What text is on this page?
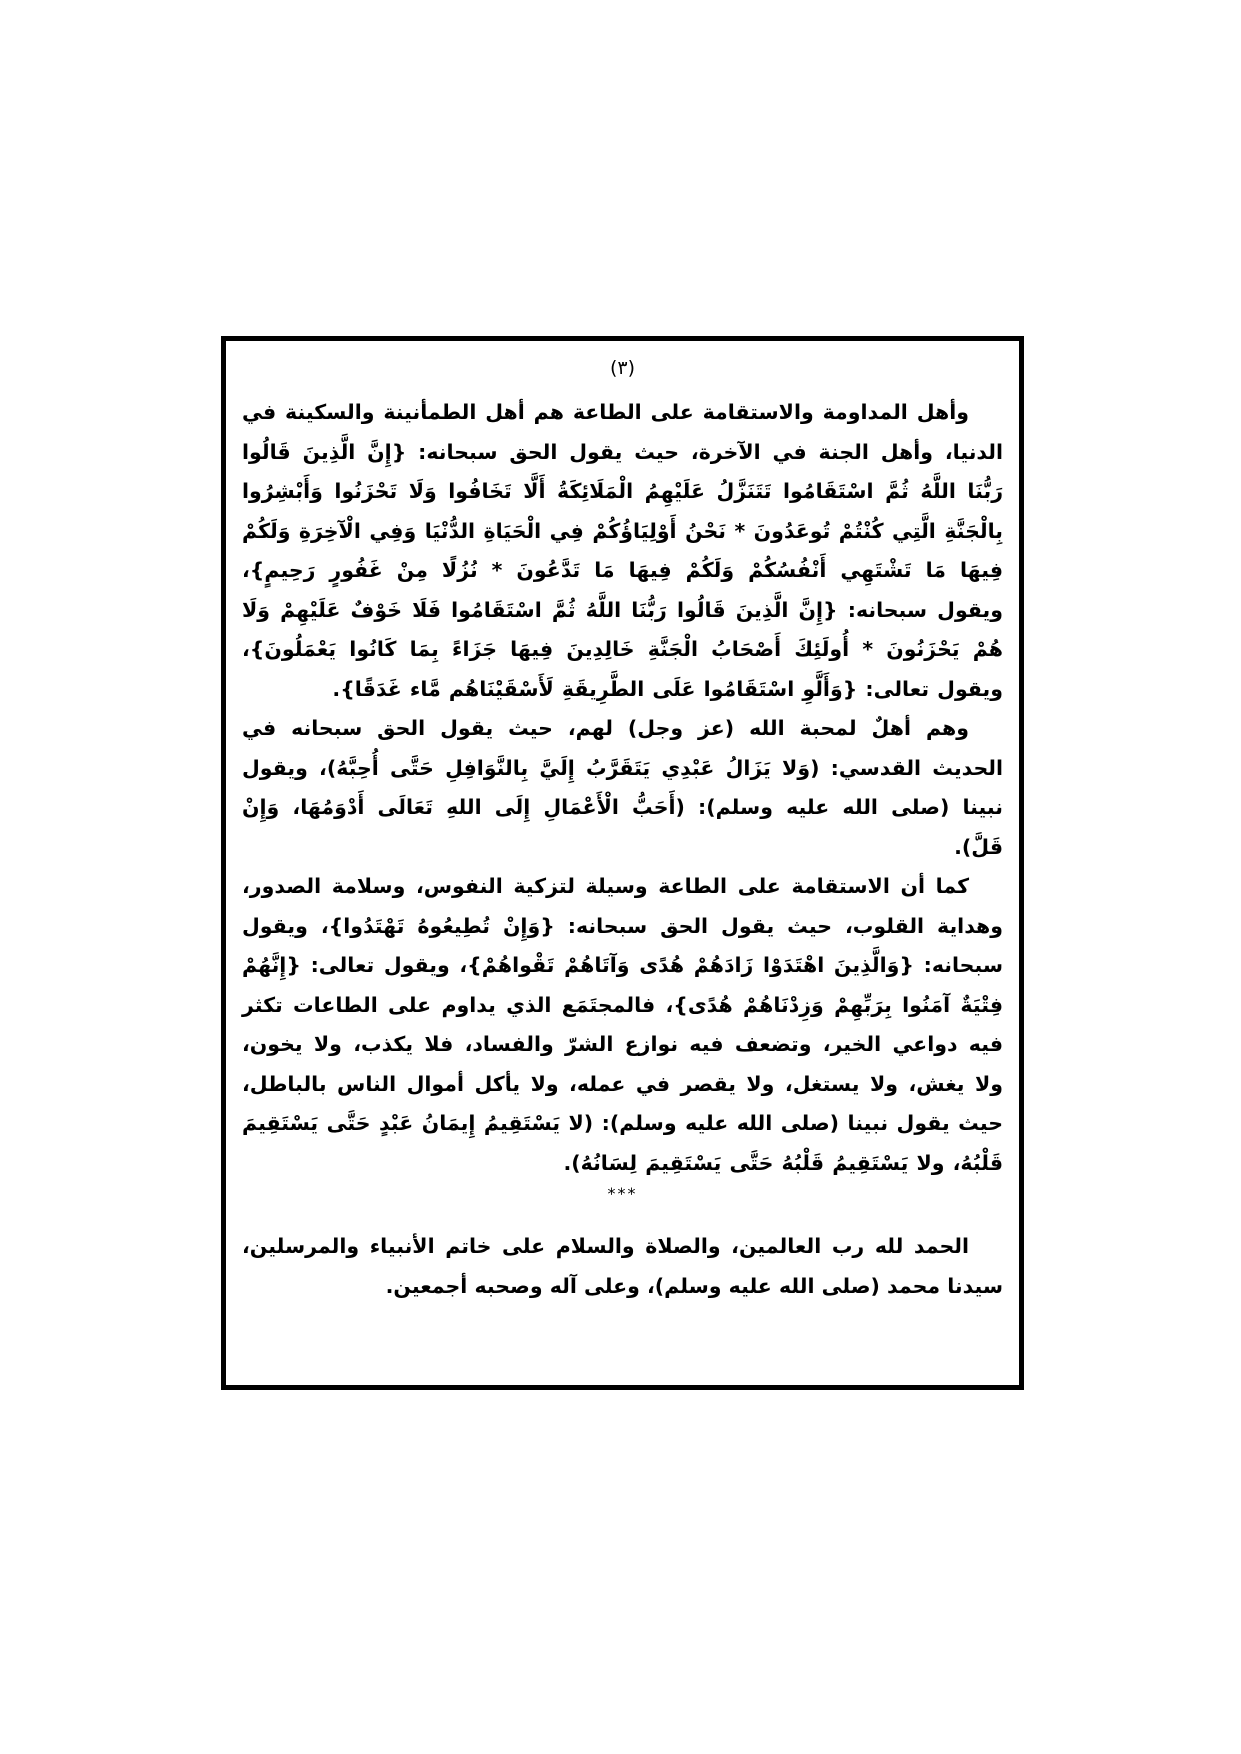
(٣)

وأهل المداومة والاستقامة على الطاعة هم أهل الطمأنينة والسكينة في الدنيا، وأهل الجنة في الآخرة، حيث يقول الحق سبحانه: {إِنَّ الَّذِينَ قَالُوا رَبُّنَا اللَّهُ ثُمَّ اسْتَقَامُوا تَتَنَزَّلُ عَلَيْهِمُ الْمَلَائِكَةُ أَلَّا تَخَافُوا وَلَا تَحْزَنُوا وَأَبْشِرُوا بِالْجَنَّةِ الَّتِي كُنْتُمْ تُوعَدُونَ * نَحْنُ أَوْلِيَاؤُكُمْ فِي الْحَيَاةِ الدُّنْيَا وَفِي الْآخِرَةِ وَلَكُمْ فِيهَا مَا تَشْتَهِي أَنْفُسُكُمْ وَلَكُمْ فِيهَا مَا تَدَّعُونَ * نُزُلًا مِنْ غَفُورٍ رَحِيمٍ}، ويقول سبحانه: {إِنَّ الَّذِينَ قَالُوا رَبُّنَا اللَّهُ ثُمَّ اسْتَقَامُوا فَلَا خَوْفٌ عَلَيْهِمْ وَلَا هُمْ يَحْزَنُونَ * أُولَئِكَ أَصْحَابُ الْجَنَّةِ خَالِدِينَ فِيهَا جَزَاءً بِمَا كَانُوا يَعْمَلُونَ}، ويقول تعالى: {وَأَلَّوِ اسْتَقَامُوا عَلَى الطَّرِيقَةِ لَأَسْقَيْنَاهُم مَّاء غَدَقًا}.

وهم أهلٌ لمحبة الله (عز وجل) لهم، حيث يقول الحق سبحانه في الحديث القدسي: (وَلا يَزَالُ عَبْدِي يَتَقَرَّبُ إِلَيَّ بِالنَّوَافِلِ حَتَّى أُحِبَّهُ)، ويقول نبينا (صلى الله عليه وسلم): (أَحَبُّ الْأَعْمَالِ إِلَى اللهِ تَعَالَى أَدْوَمُهَا، وَإِنْ قَلَّ).

كما أن الاستقامة على الطاعة وسيلة لتزكية النفوس، وسلامة الصدور، وهداية القلوب، حيث يقول الحق سبحانه: {وَإِنْ تُطِيعُوهُ تَهْتَدُوا}، ويقول سبحانه: {وَالَّذِينَ اهْتَدَوْا زَادَهُمْ هُدًى وَآتَاهُمْ تَقْواهُمْ}، ويقول تعالى: {إِنَّهُمْ فِتْيَةٌ آمَنُوا بِرَبِّهِمْ وَزِدْنَاهُمْ هُدًى}، فالمجتَمَع الذي يداوم على الطاعات تكثر فيه دواعي الخير، وتضعف فيه نوازع الشرّ والفساد، فلا يكذب، ولا يخون، ولا يغش، ولا يستغل، ولا يقصر في عمله، ولا يأكل أموال الناس بالباطل، حيث يقول نبينا (صلى الله عليه وسلم): (لا يَسْتَقِيمُ إِيمَانُ عَبْدٍ حَتَّى يَسْتَقِيمَ قَلْبُهُ، ولا يَسْتَقِيمُ قَلْبُهُ حَتَّى يَسْتَقِيمَ لِسَانُهُ).

***

الحمد لله رب العالمين، والصلاة والسلام على خاتم الأنبياء والمرسلين، سيدنا محمد (صلى الله عليه وسلم)، وعلى آله وصحبه أجمعين.
